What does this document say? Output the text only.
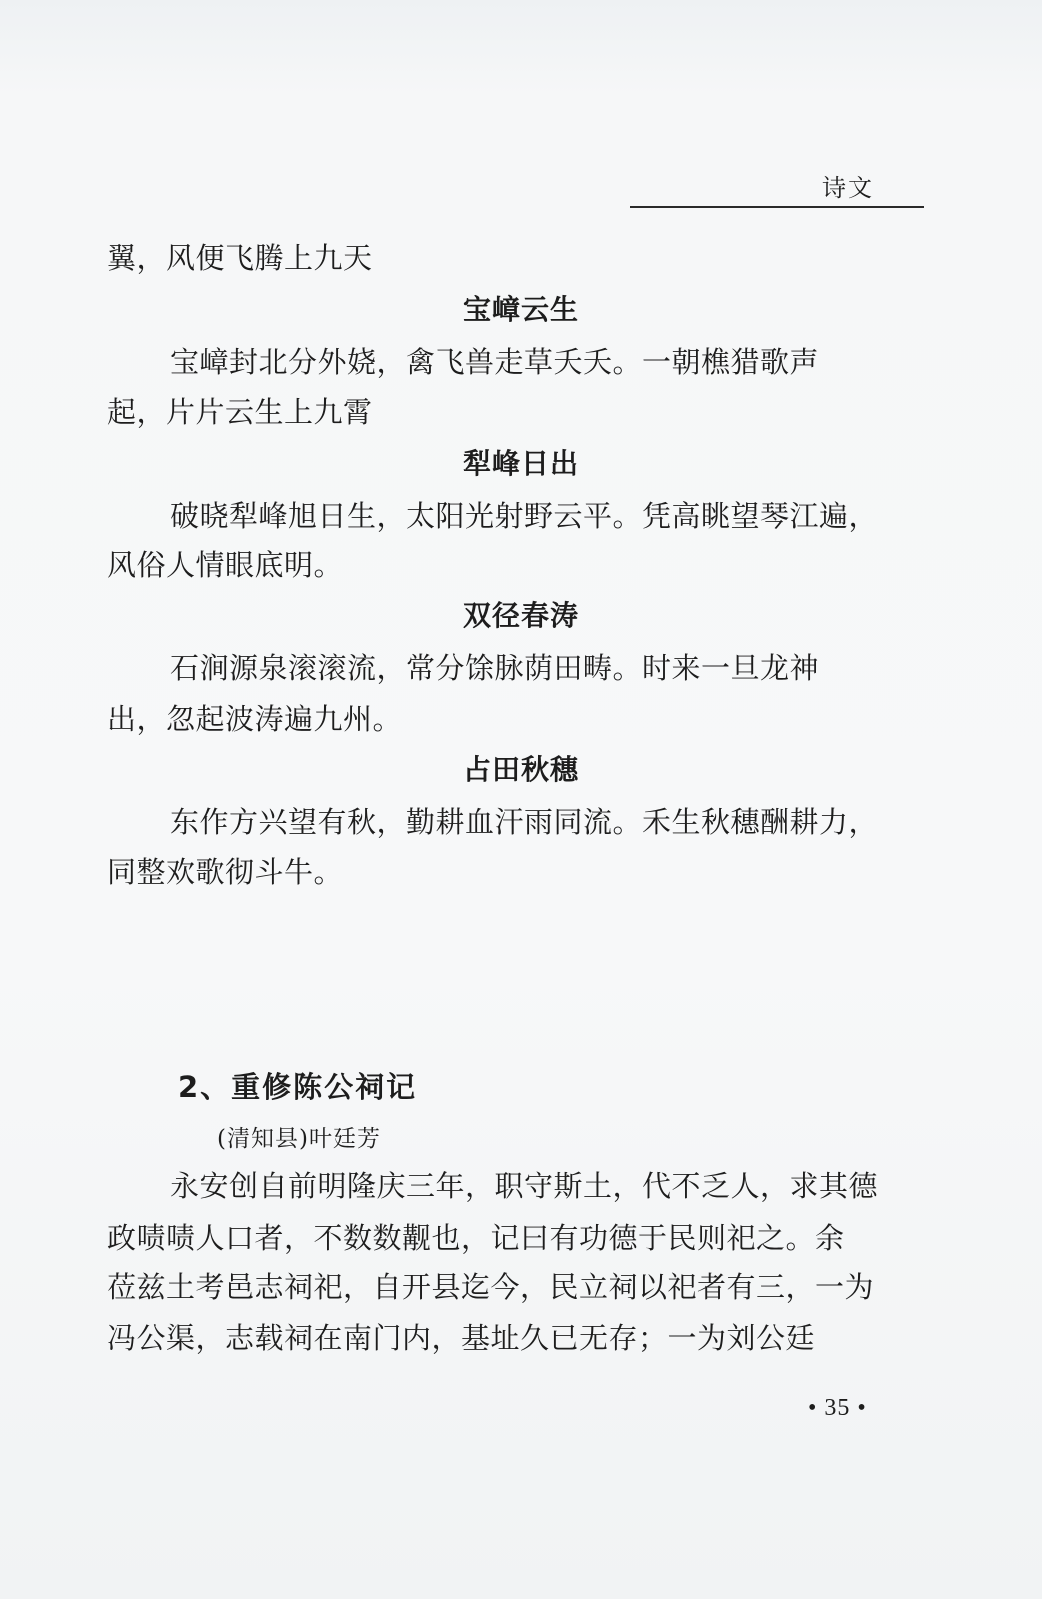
诗文
翼，风便飞腾上九天
宝嶂云生
宝嶂封北分外娆，禽飞兽走草夭夭。一朝樵猎歌声
起，片片云生上九霄
犁峰日出
破晓犁峰旭日生，太阳光射野云平。凭高眺望琴江遍，
风俗人情眼底明。
双径春涛
石涧源泉滚滚流，常分馀脉荫田畴。时来一旦龙神
出，忽起波涛遍九州。
占田秋穗
东作方兴望有秋，勤耕血汗雨同流。禾生秋穗酬耕力，
同整欢歌彻斗牛。
2、重修陈公祠记
(清知县)叶廷芳
永安创自前明隆庆三年，职守斯土，代不乏人，求其德
政啧啧人口者，不数数觏也，记曰有功德于民则祀之。余
莅兹土考邑志祠祀，自开县迄今，民立祠以祀者有三，一为
冯公渠，志载祠在南门内，基址久已无存；一为刘公廷
• 35 •
